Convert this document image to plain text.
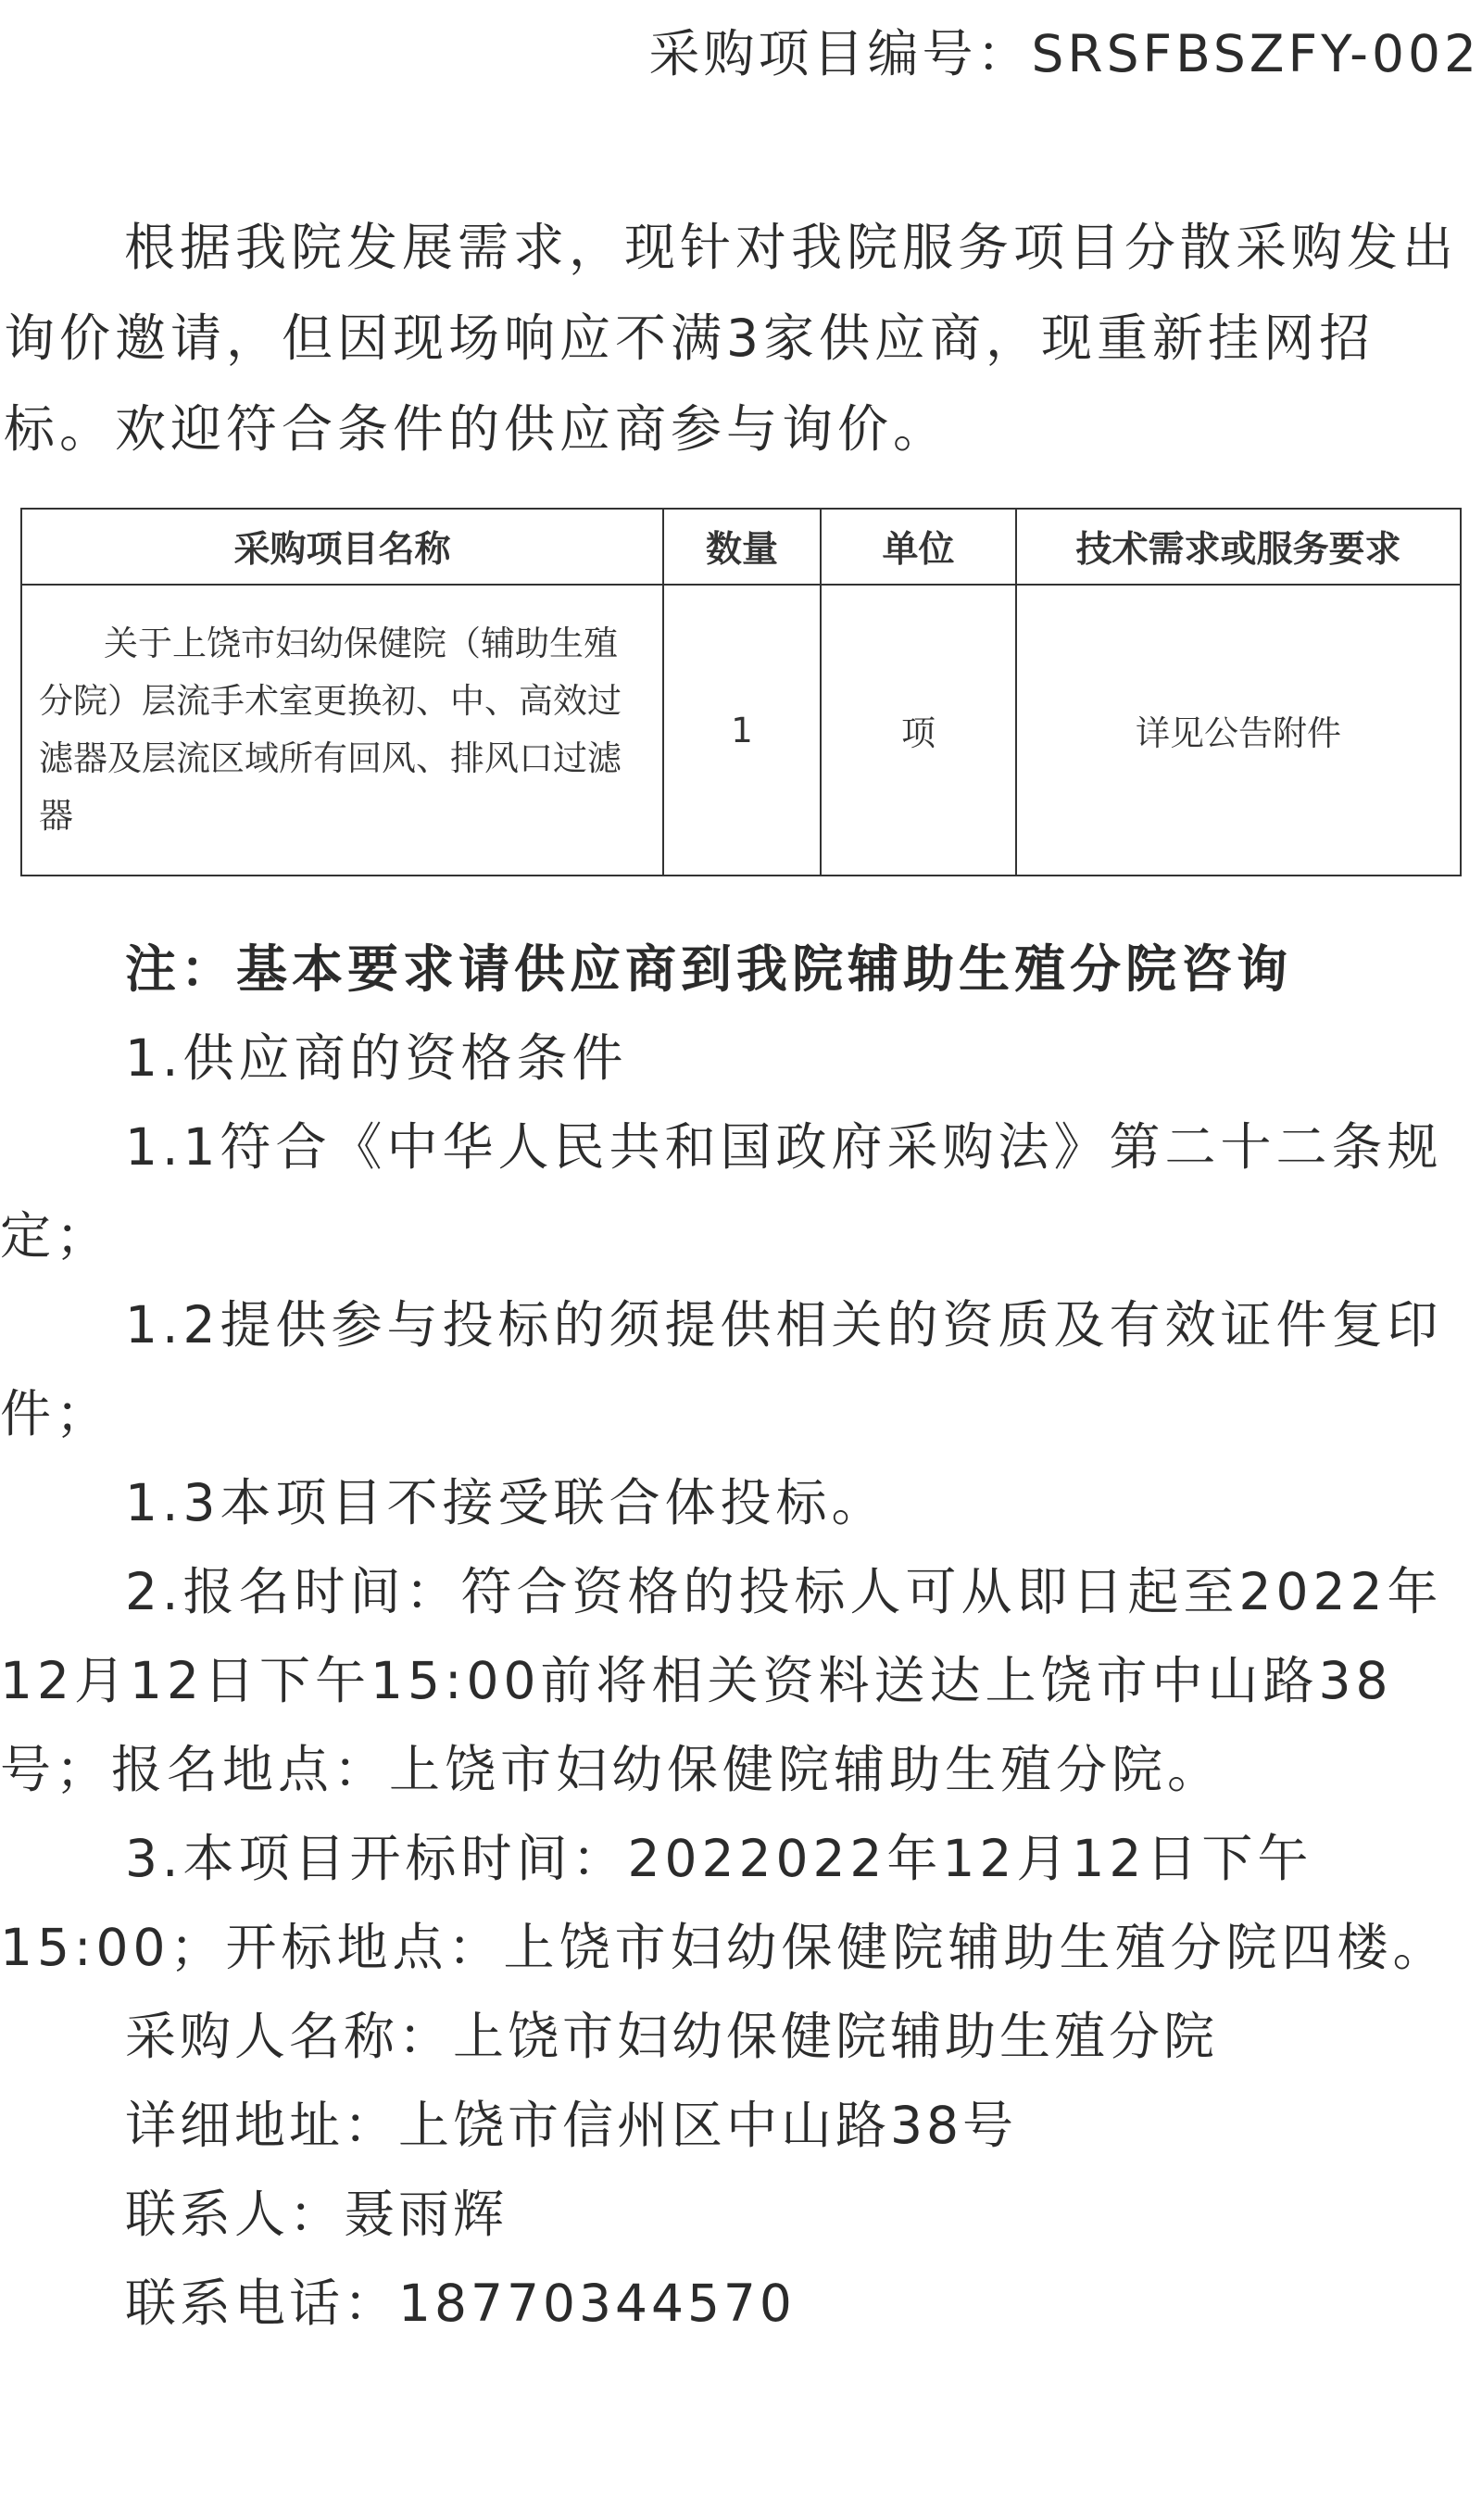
采购项目编号：SRSFBSZFY-002

根据我院发展需求，现针对我院服务项目分散采购发出询价邀请，但因现场响应不满3家供应商，现重新挂网招标。欢迎符合条件的供应商参与询价。

采购项目名称	数量	单位	技术需求或服务要求
关于上饶市妇幼保健院（辅助生殖分院）层流手术室更换初、中、高效过滤器及层流区域所有回风、排风口过滤器	1	项	详见公告附件

注：基本要求请供应商到我院辅助生殖分院咨询

1.供应商的资格条件

1.1符合《中华人民共和国政府采购法》第二十二条规定；

1.2提供参与投标的须提供相关的资质及有效证件复印件；

1.3本项目不接受联合体投标。

2.报名时间：符合资格的投标人可从即日起至2022年12月12日下午15:00前将相关资料送达上饶市中山路38号；报名地点：上饶市妇幼保健院辅助生殖分院。

3.本项目开标时间：2022022年12月12日下午15:00；开标地点：上饶市妇幼保健院辅助生殖分院四楼。

采购人名称：上饶市妇幼保健院辅助生殖分院

详细地址：上饶市信州区中山路38号

联系人：聂雨辉

联系电话：18770344570
